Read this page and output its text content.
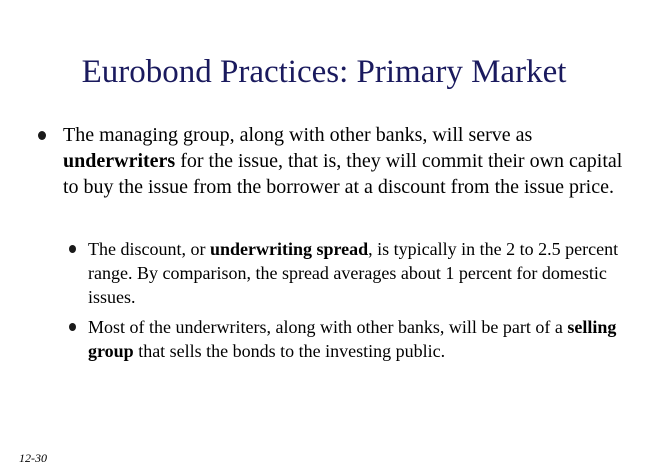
Eurobond Practices: Primary Market
The managing group, along with other banks, will serve as underwriters for the issue, that is, they will commit their own capital to buy the issue from the borrower at a discount from the issue price.
The discount, or underwriting spread, is typically in the 2 to 2.5 percent range. By comparison, the spread averages about 1 percent for domestic issues.
Most of the underwriters, along with other banks, will be part of a selling group that sells the bonds to the investing public.
12-30
